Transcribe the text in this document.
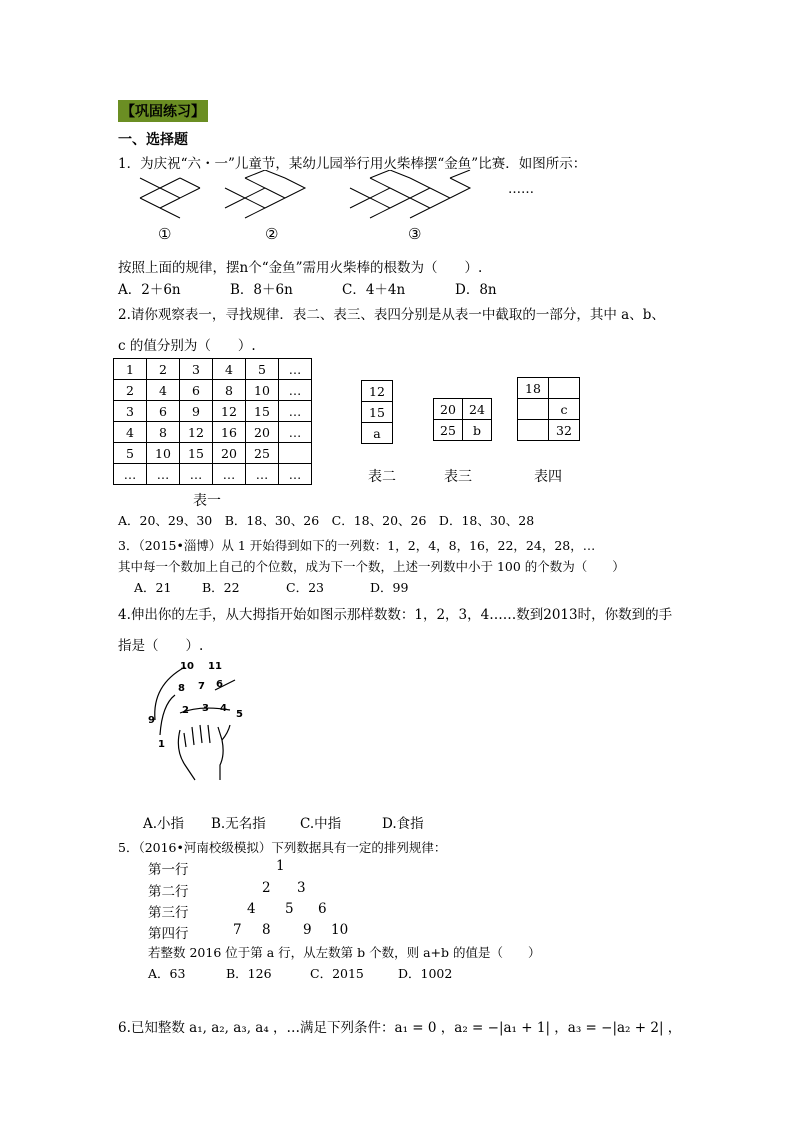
【巩固练习】
一、选择题
1．为庆祝“六・一”儿童节，某幼儿园举行用火柴棒摆“金鱼”比赛．如图所示：
……
①	②	③
按照上面的规律，摆n个“金鱼”需用火柴棒的根数为（　　）.
A．2＋6n	B．8＋6n	C．4＋4n	D．8n
2.请你观察表一，寻找规律．表二、表三、表四分别是从表一中截取的一部分，其中 a、b、
c 的值分别为（　　）.
1	2	3	4	5	…
2	4	6	8	10	…
3	6	9	12	15	…
4	8	12	16	20	…
5	10	15	20	25	
…	…	…	…	…	…
12
15
a
20	24
25	b
18	
	c
	32
表二	表三	表四
表一
A．20、29、30　B．18、30、26　C．18、20、26　D．18、30、28
3．（2015•淄博）从 1 开始得到如下的一列数：1，2，4，8，16，22，24，28，…
其中每一个数加上自己的个位数，成为下一个数，上述一列数中小于 100 的个数为（　　）
A．21 B．22	C．23	D．99
4.伸出你的左手，从大拇指开始如图示那样数数：1，2，3，4……数到2013时，你数到的手
指是（　　）.
10 11
8 7 6
9
2 3 4
5
1
A.小指 B.无名指	C.中指	D.食指
5．（2016•河南校级模拟）下列数据具有一定的排列规律：
第一行	1
第二行	2 3
第三行	4 5 6
第四行	7 8 9 10
若整数 2016 位于第 a 行，从左数第 b 个数，则 a+b 的值是（　　）
A．63	B．126	C．2015	D．1002
6.已知整数 a₁, a₂, a₃, a₄ ，…满足下列条件：a₁ = 0 ，a₂ = −|a₁ + 1| ，a₃ = −|a₂ + 2| ，
